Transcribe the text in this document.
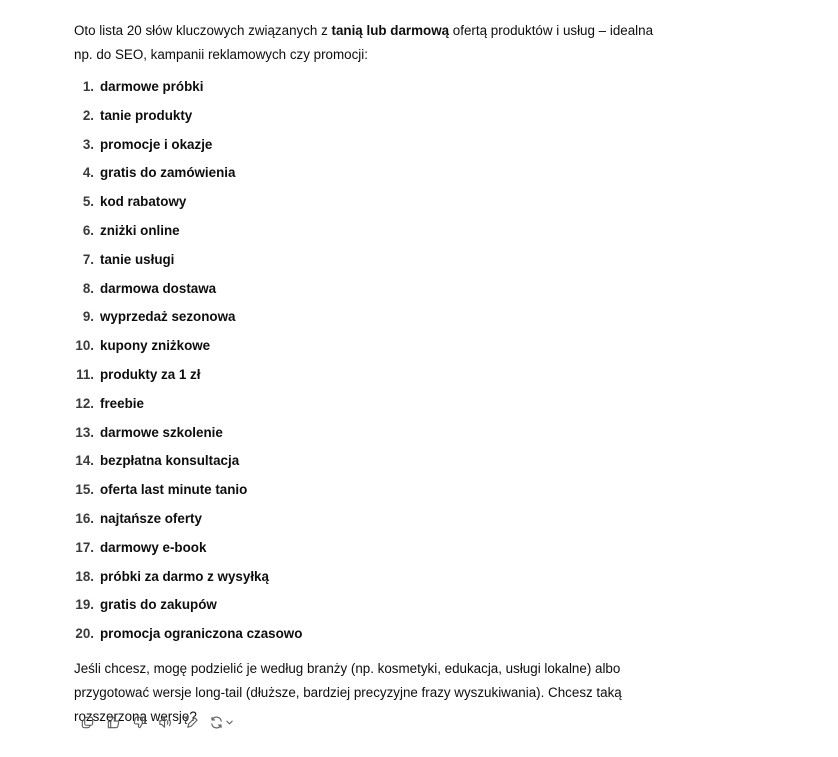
Oto lista 20 słów kluczowych związanych z tanią lub darmową ofertą produktów i usług – idealna np. do SEO, kampanii reklamowych czy promocji:

1. darmowe próbki
2. tanie produkty
3. promocje i okazje
4. gratis do zamówienia
5. kod rabatowy
6. zniżki online
7. tanie usługi
8. darmowa dostawa
9. wyprzedaż sezonowa
10. kupony zniżkowe
11. produkty za 1 zł
12. freebie
13. darmowe szkolenie
14. bezpłatna konsultacja
15. oferta last minute tanio
16. najtańsze oferty
17. darmowy e-book
18. próbki za darmo z wysyłką
19. gratis do zakupów
20. promocja ograniczona czasowo

Jeśli chcesz, mogę podzielić je według branży (np. kosmetyki, edukacja, usługi lokalne) albo przygotować wersje long-tail (dłuższe, bardziej precyzyjne frazy wyszukiwania). Chcesz taką rozszerzoną wersję?
